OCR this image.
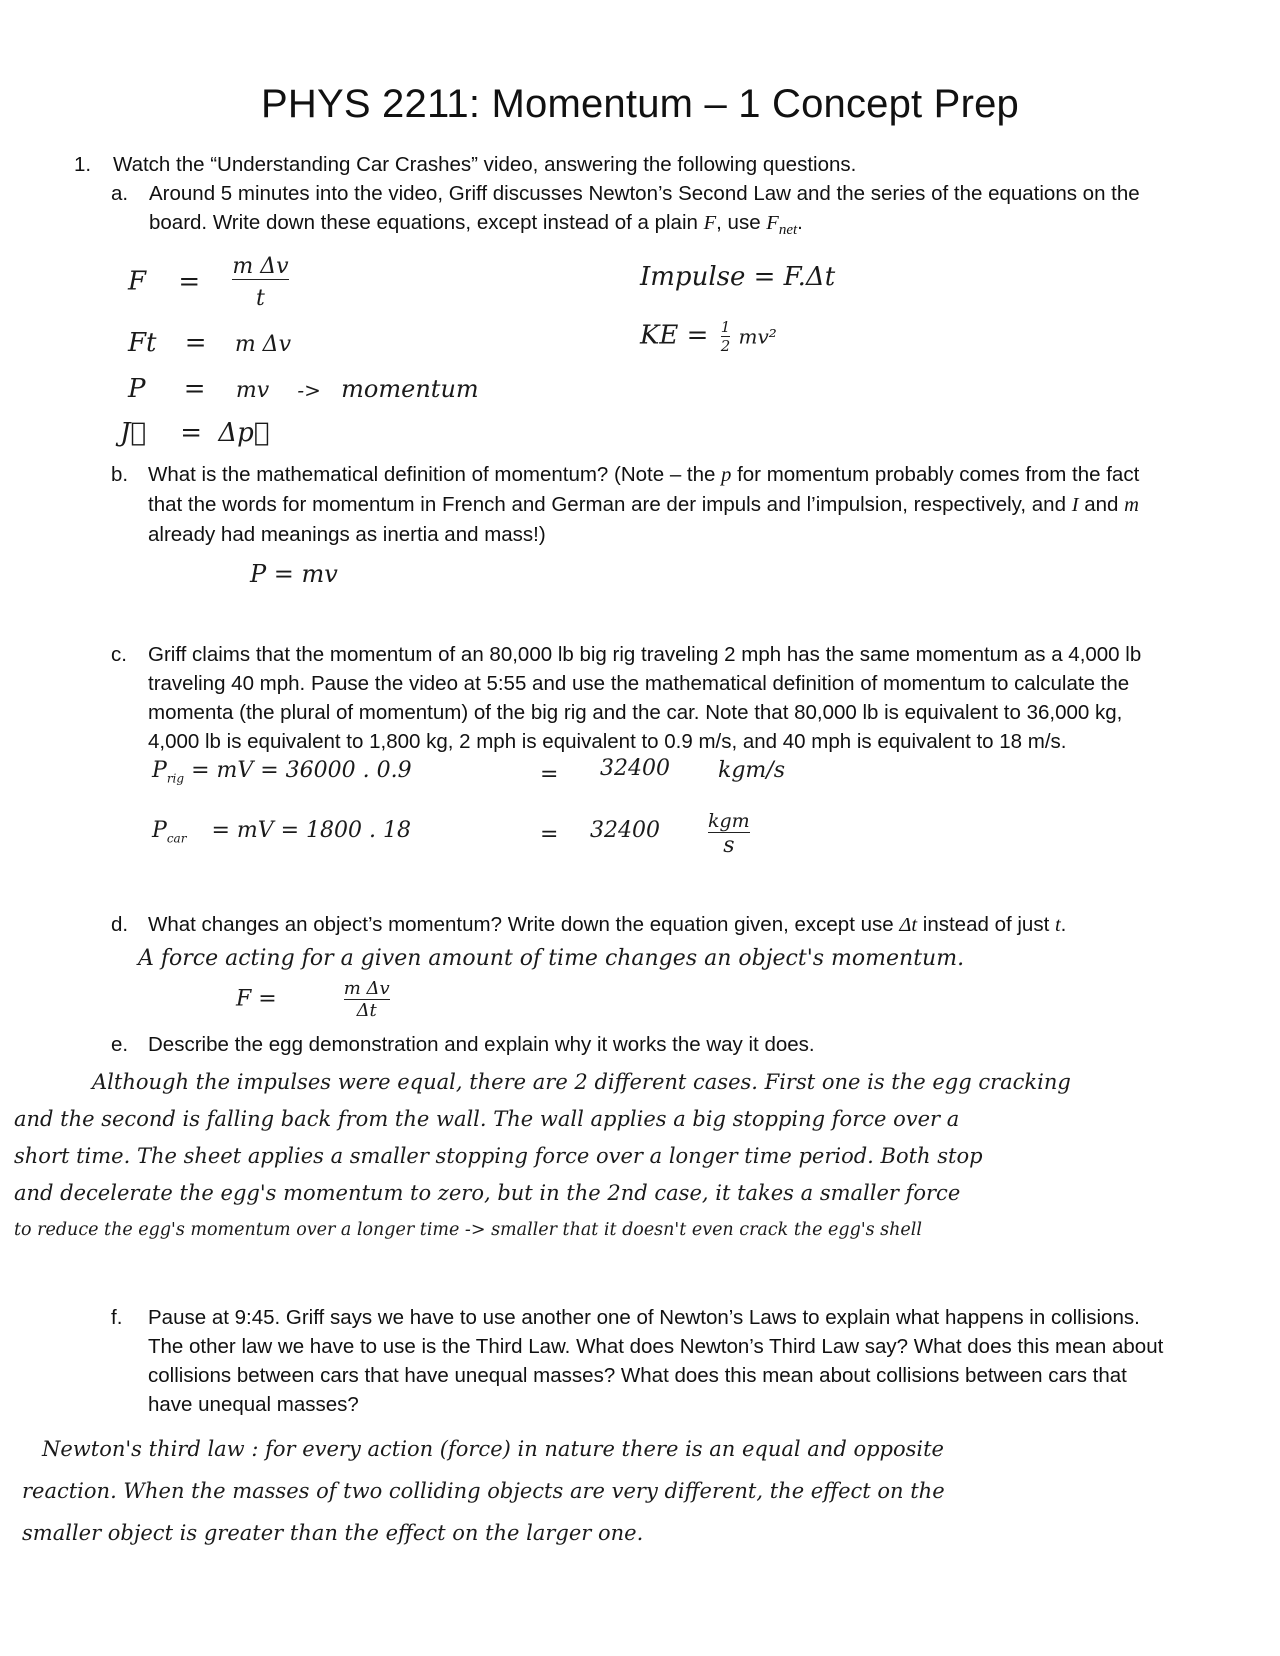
PHYS 2211: Momentum – 1 Concept Prep
1. Watch the “Understanding Car Crashes” video, answering the following questions.
a. Around 5 minutes into the video, Griff discusses Newton’s Second Law and the series of the equations on the
board. Write down these equations, except instead of a plain F, use $F_{net}$.
$F = \frac{\text{m Δv}}{t}$
Ft = m Δv
P = mv -> momentum
J⃗ = Δp⃗
Impulse = F.Δt
KE = $\frac{1}{2} mv^2$
b. What is the mathematical definition of momentum? (Note – the p for momentum probably comes from the fact
that the words for momentum in French and German are der impuls and l’impulsion, respectively, and I and m
already had meanings as inertia and mass!)
P = mv
c. Griff claims that the momentum of an 80,000 lb big rig traveling 2 mph has the same momentum as a 4,000 lb
traveling 40 mph. Pause the video at 5:55 and use the mathematical definition of momentum to calculate the
momenta (the plural of momentum) of the big rig and the car. Note that 80,000 lb is equivalent to 36,000 kg,
4,000 lb is equivalent to 1,800 kg, 2 mph is equivalent to 0.9 m/s, and 40 mph is equivalent to 18 m/s.
$P_{rig}$ = mV = 36000 . 0.9	= 32400 kgm/s
$P_{car}$ = mV = 1800 . 18	= 32400	$\frac{\text{kgm}}{s}$
d. What changes an object’s momentum? Write down the equation given, except use Δt instead of just t.
A force acting for a given amount of time changes an object's momentum.
F =	$\frac{\text{m Δv}}{\Delta t}$
e. Describe the egg demonstration and explain why it works the way it does.
Although the impulses were equal, there are 2 different cases. First one is the egg cracking
and the second is falling back from the wall. The wall applies a big stopping force over a
short time. The sheet applies a smaller stopping force over a longer time period. Both stop
and decelerate the egg's momentum to zero, but in the 2nd case, it takes a smaller force
to reduce the egg's momentum over a longer time -> smaller that it doesn't even crack the egg's shell
f. Pause at 9:45. Griff says we have to use another one of Newton’s Laws to explain what happens in collisions.
The other law we have to use is the Third Law. What does Newton’s Third Law say? What does this mean about
collisions between cars that have unequal masses? What does this mean about collisions between cars that
have unequal masses?
Newton's third law : for every action (force) in nature there is an equal and opposite
reaction. When the masses of two colliding objects are very different, the effect on the
smaller object is greater than the effect on the larger one.
